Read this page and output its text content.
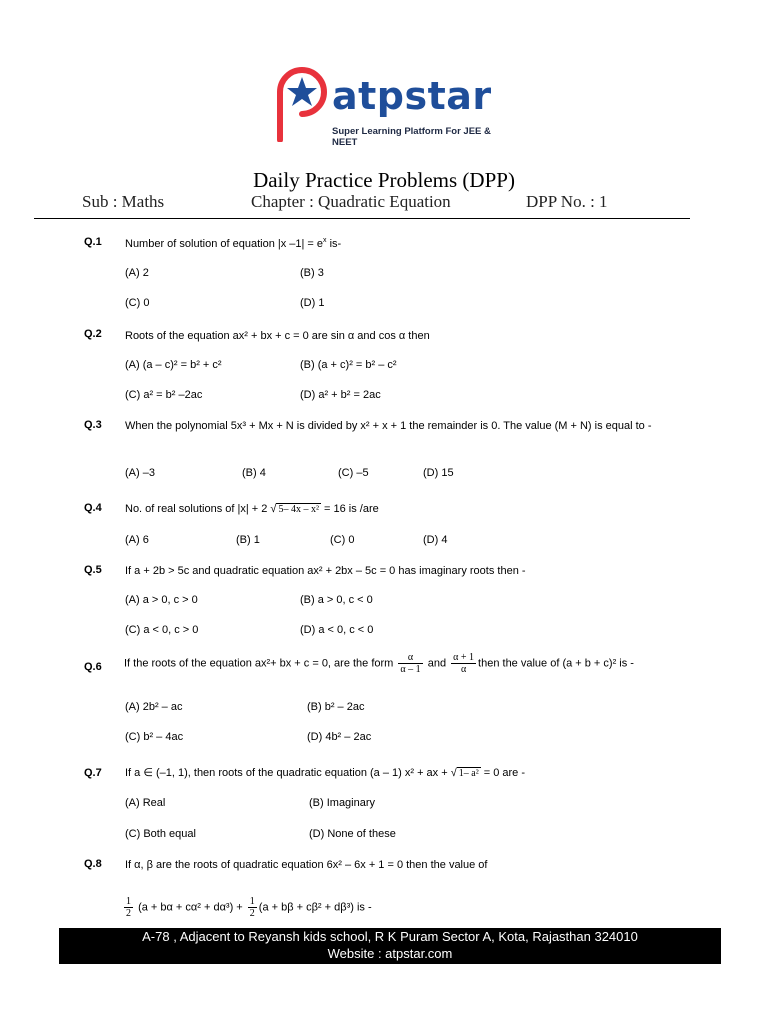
atpstar
Super Learning Platform For JEE & NEET
Daily Practice Problems (DPP)
Sub : Maths	Chapter : Quadratic Equation	DPP No. : 1
Q.1 Number of solution of equation |x $-1| = e^x$ is-
(A) 2	(B) 3
(C) 0	(D) 1
Q.2 Roots of the equation ax² + bx + c = 0 are sin α and cos α then
(A) (a – c)² = b² + c²	(B) (a + c)² = b² – c²
(C) a² = b² –2ac	(D) a² + b² = 2ac
Q.3 When the polynomial 5x³ + Mx + N is divided by x² + x + 1 the remainder is 0. The value (M + N) is equal to -
(A) –3	(B) 4	(C) –5	(D) 15
Q.4 No. of real solutions of |x| + 2 √ 5– 4x – x² = 16 is /are
(A) 6	(B) 1	(C) 0	(D) 4
Q.5 If a + 2b > 5c and quadratic equation ax² + 2bx – 5c = 0 has imaginary roots then -
(A) a > 0, c > 0	(B) a > 0, c < 0
(C) a < 0, c > 0	(D) a < 0, c < 0
Q.6 If the roots of the equation ax²+ bx + c = 0, are the form $\frac{\alpha}{\alpha - 1}$ and $\frac{\alpha + 1}{\alpha}$ then the value of (a + b + c)² is -
(A) 2b² – ac	(B) b² – 2ac
(C) b² – 4ac	(D) 4b² – 2ac
Q.7 If a ∈ (–1, 1), then roots of the quadratic equation (a – 1) x² + ax + √ 1– a² = 0 are -
(A) Real	(B) Imaginary
(C) Both equal	(D) None of these
Q.8 If α, β are the roots of quadratic equation 6x² – 6x + 1 = 0 then the value of
$\frac{1}{2} (a + b\alpha + c\alpha^2 + d\alpha^3) + \frac{1}{2} (a + b\beta + c\beta^2 + d\beta^3)$ is -
A-78 , Adjacent to Reyansh kids school, R K Puram Sector A, Kota, Rajasthan 324010
Website : atpstar.com
